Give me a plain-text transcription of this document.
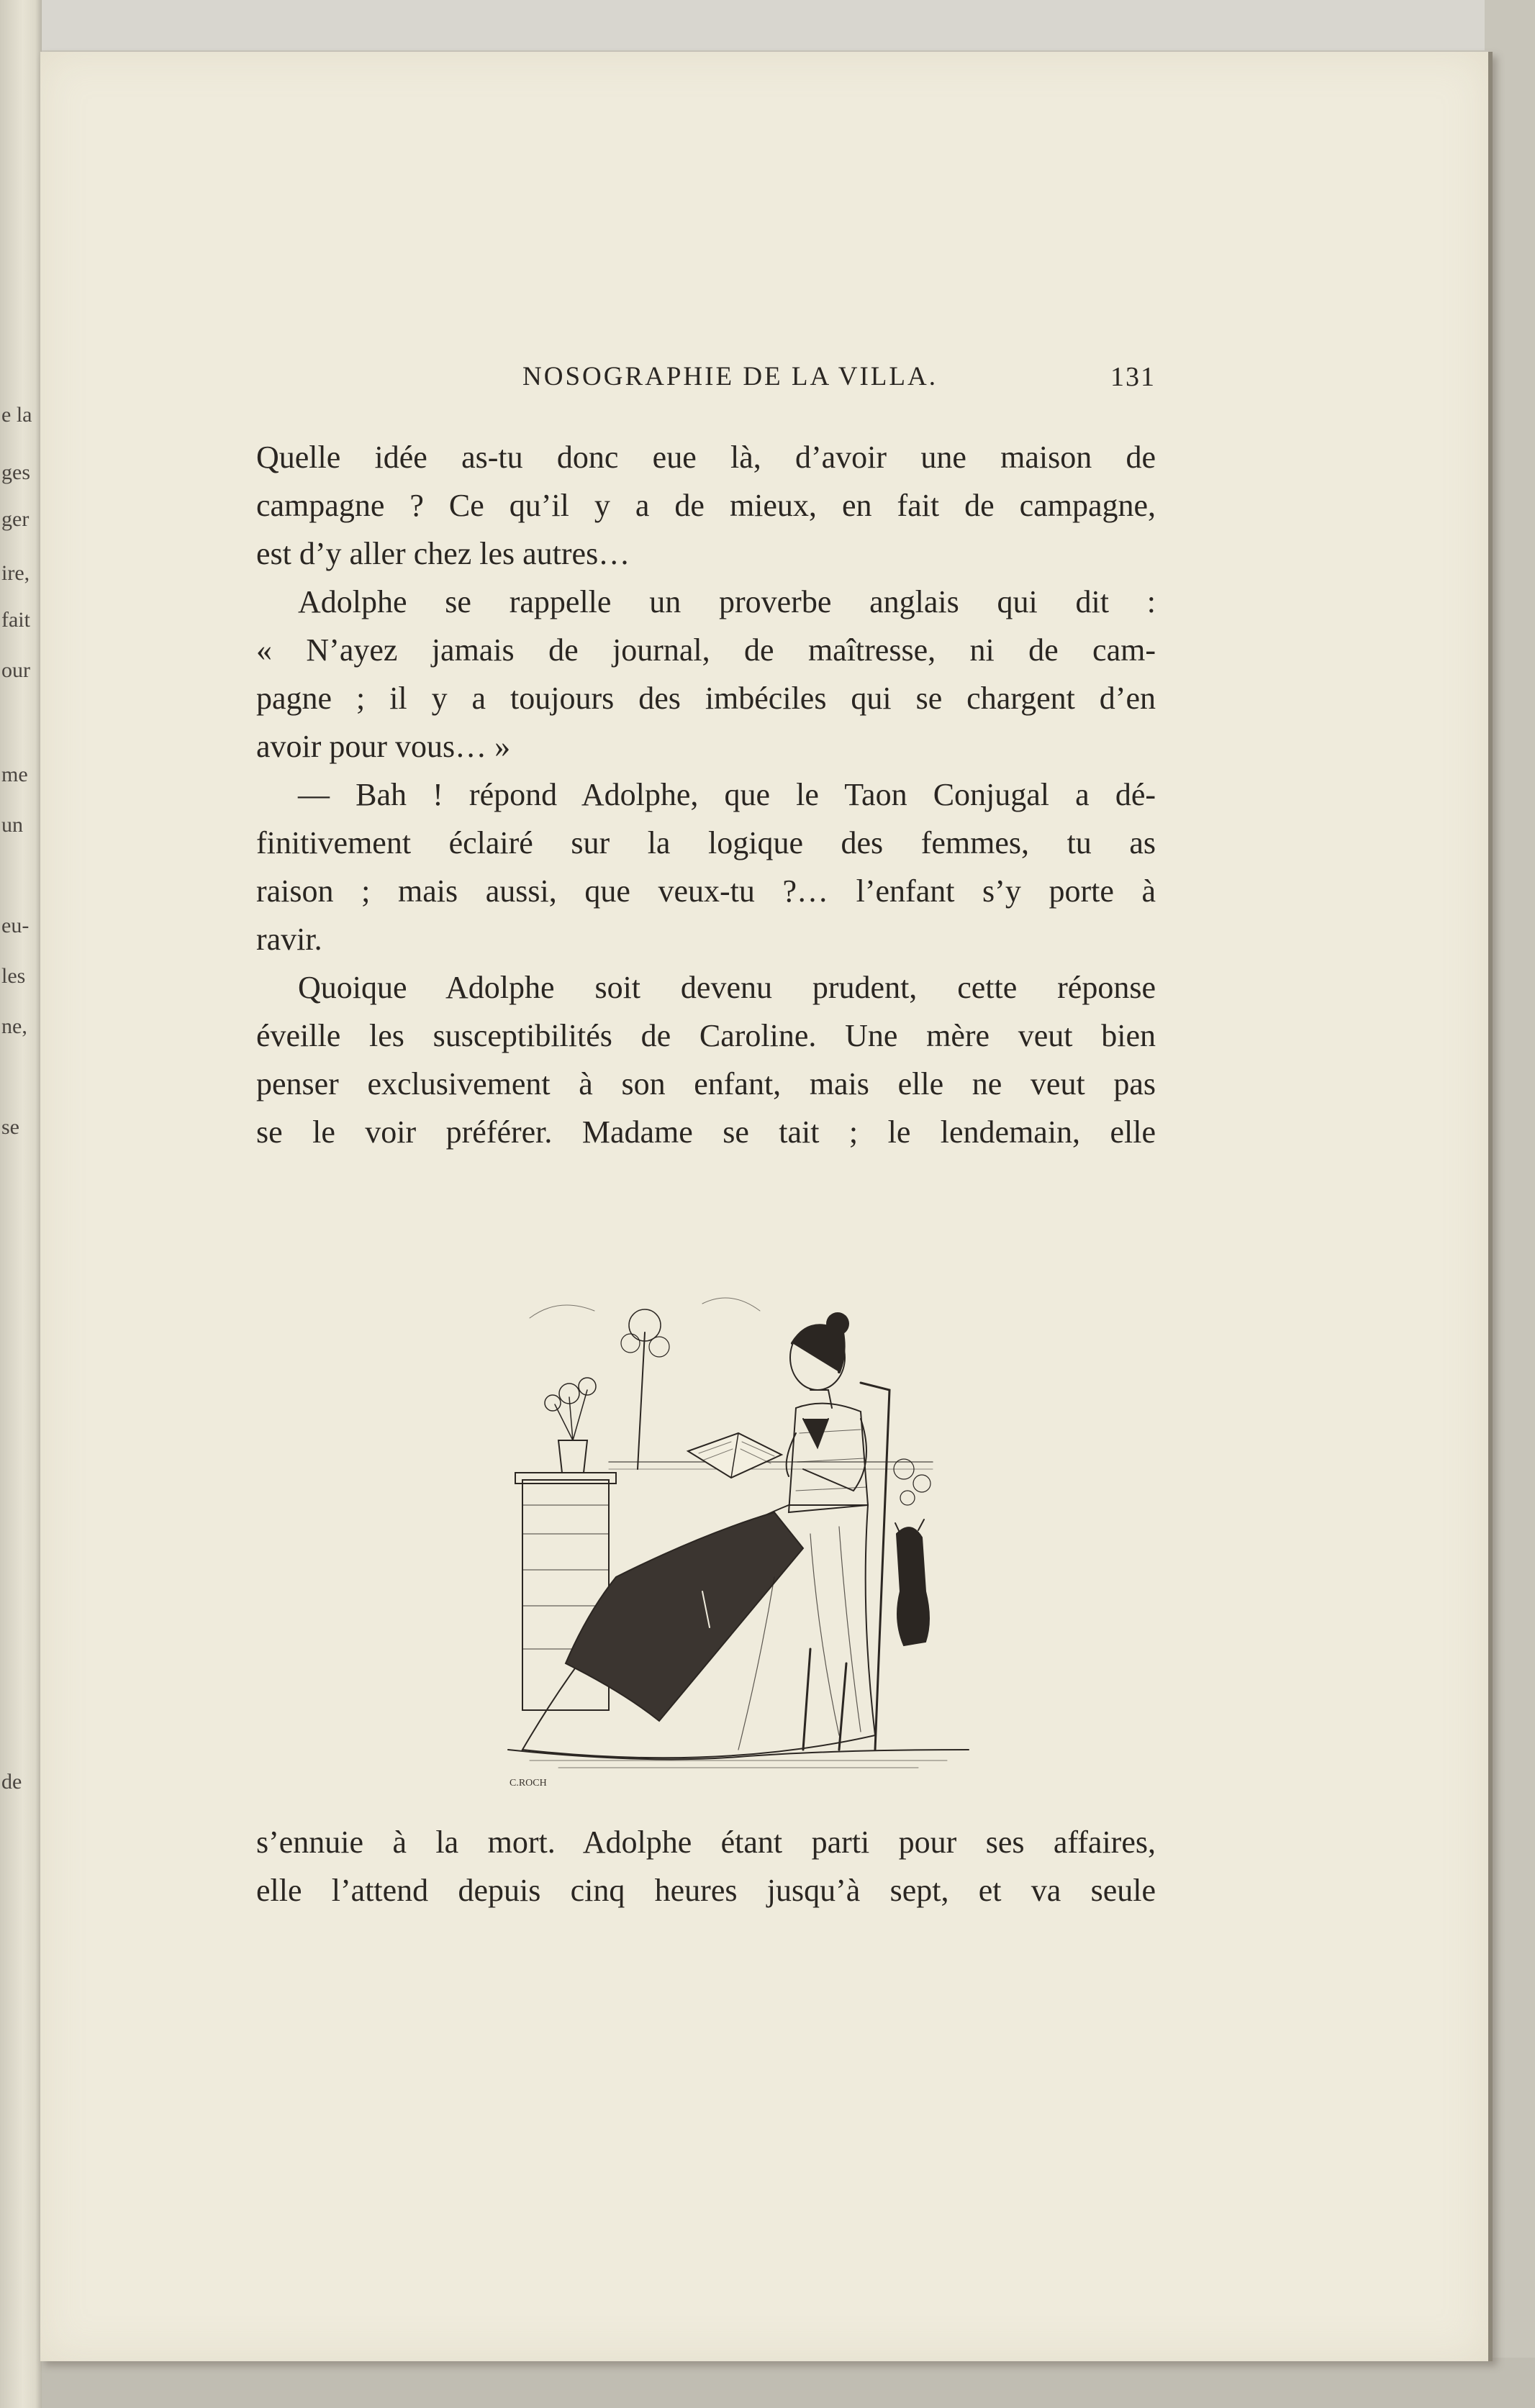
e la
ges
ger
ire,
fait
our
me
un
eu-
les
ne,
se
de
NOSOGRAPHIE DE LA VILLA.	131

Quelle idée as-tu donc eue là, d’avoir une maison de

campagne ? Ce qu’il y a de mieux, en fait de campagne,

est d’y aller chez les autres…

Adolphe se rappelle un proverbe anglais qui dit :

« N’ayez jamais de journal, de maîtresse, ni de cam-

pagne ; il y a toujours des imbéciles qui se chargent d’en

avoir pour vous… »

— Bah ! répond Adolphe, que le Taon Conjugal a dé-

finitivement éclairé sur la logique des femmes, tu as

raison ; mais aussi, que veux-tu ?… l’enfant s’y porte à

ravir.

Quoique Adolphe soit devenu prudent, cette réponse

éveille les susceptibilités de Caroline. Une mère veut bien

penser exclusivement à son enfant, mais elle ne veut pas

se le voir préférer. Madame se tait ; le lendemain, elle

C.ROCH

s’ennuie à la mort. Adolphe étant parti pour ses affaires,

elle l’attend depuis cinq heures jusqu’à sept, et va seule
